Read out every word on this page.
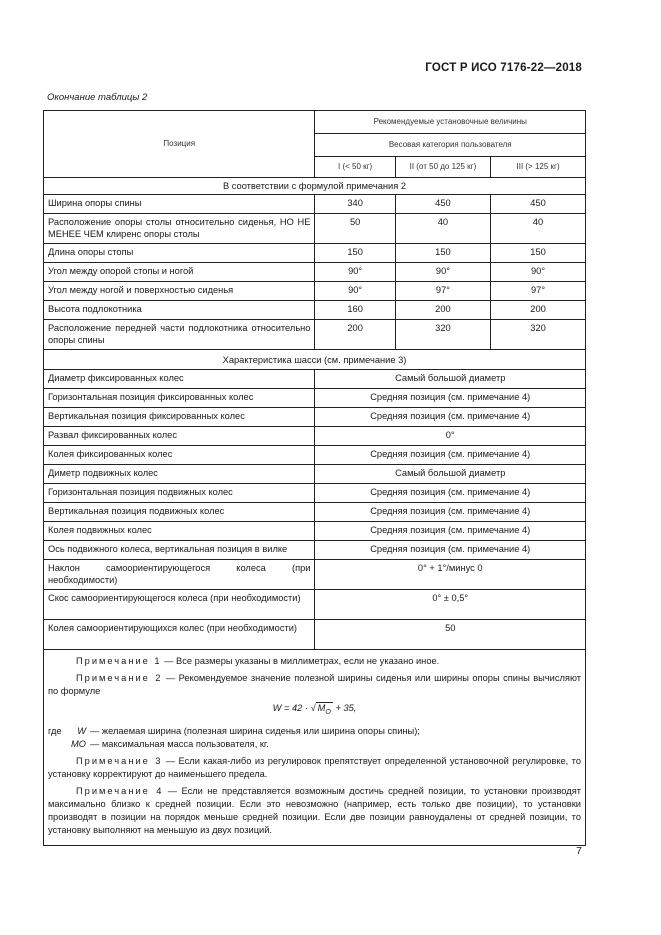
ГОСТ Р ИСО 7176-22—2018
Окончание таблицы 2
Позиция	Рекомендуемые установочные величины		
	Весовая категория пользователя		
	I (< 50 кг)	II (от 50 до 125 кг)	III (> 125 кг)
В соответствии с формулой примечания 2			
Ширина опоры спины	340	450	450
Расположение опоры столы относительно сиденья, НО НЕ МЕНЕЕ ЧЕМ клиренс опоры столы	50	40	40
Длина опоры стопы	150	150	150
Угол между опорой стопы и ногой	90°	90°	90°
Угол между ногой и поверхностью сиденья	90°	97°	97°
Высота подлокотника	160	200	200
Расположение передней части подлокотника относительно опоры спины	200	320	320
Характеристика шасси (см. примечание 3)			
Диаметр фиксированных колес	Самый большой диаметр		
Горизонтальная позиция фиксированных колес	Средняя позиция (см. примечание 4)		
Вертикальная позиция фиксированных колес	Средняя позиция (см. примечание 4)		
Развал фиксированных колес	0°		
Колея фиксированных колес	Средняя позиция (см. примечание 4)		
Диметр подвижных колес	Самый большой диаметр		
Горизонтальная позиция подвижных колес	Средняя позиция (см. примечание 4)		
Вертикальная позиция подвижных колес	Средняя позиция (см. примечание 4)		
Колея подвижных колес	Средняя позиция (см. примечание 4)		
Ось подвижного колеса, вертикальная позиция в вилке	Средняя позиция (см. примечание 4)		
Наклон самоориентирующегося колеса (при необходимости)	0° + 1°/минус 0		
Скос самоориентирующегося колеса (при необходимости)	0° ± 0,5°		
Колея самоориентирующихся колес (при необходимости)	50		

Примечание 1 — Все размеры указаны в миллиметрах, если не указано иное.

Примечание 2 — Рекомендуемое значение полезной ширины сиденья или ширины опоры спины вычисляют по формуле

W = 42 · √ $M_O + 35$,
где	W — желаемая ширина (полезная ширина сиденья или ширина опоры спины);
MO — максимальная масса пользователя, кг.

Примечание 3 — Если какая-либо из регулировок препятствует определенной установочной регулировке, то установку корректируют до наименьшего предела.

Примечание 4 — Если не представляется возможным достичь средней позиции, то установки производят максимально близко к средней позиции. Если это невозможно (например, есть только две позиции), то установки производят в позиции на порядок меньше средней позиции. Если две позиции равноудалены от средней позиции, то установку выполняют на меньшую из двух позиций.

7
